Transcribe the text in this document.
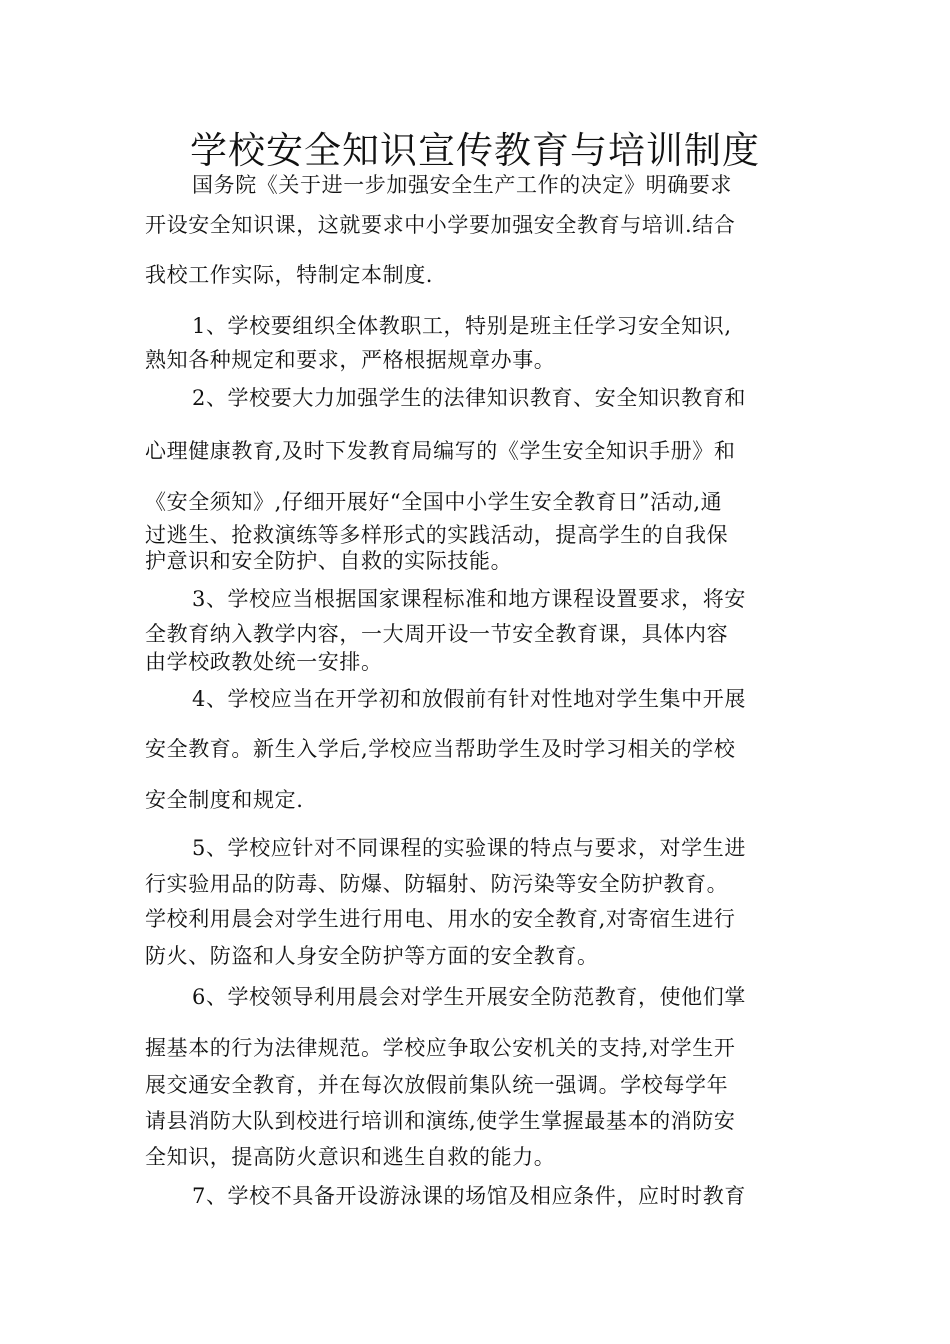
学校安全知识宣传教育与培训制度
国务院《关于进一步加强安全生产工作的决定》明确要求
开设安全知识课，这就要求中小学要加强安全教育与培训.结合
我校工作实际，特制定本制度.
1、学校要组织全体教职工，特别是班主任学习安全知识,
熟知各种规定和要求，严格根据规章办事。
2、学校要大力加强学生的法律知识教育、安全知识教育和
心理健康教育,及时下发教育局编写的《学生安全知识手册》和
《安全须知》,仔细开展好“全国中小学生安全教育日”活动,通
过逃生、抢救演练等多样形式的实践活动，提高学生的自我保
护意识和安全防护、自救的实际技能。
3、学校应当根据国家课程标准和地方课程设置要求，将安
全教育纳入教学内容，一大周开设一节安全教育课，具体内容
由学校政教处统一安排。
4、学校应当在开学初和放假前有针对性地对学生集中开展
安全教育。新生入学后,学校应当帮助学生及时学习相关的学校
安全制度和规定.
5、学校应针对不同课程的实验课的特点与要求，对学生进
行实验用品的防毒、防爆、防辐射、防污染等安全防护教育。
学校利用晨会对学生进行用电、用水的安全教育,对寄宿生进行
防火、防盗和人身安全防护等方面的安全教育。
6、学校领导利用晨会对学生开展安全防范教育，使他们掌
握基本的行为法律规范。学校应争取公安机关的支持,对学生开
展交通安全教育，并在每次放假前集队统一强调。学校每学年
请县消防大队到校进行培训和演练,使学生掌握最基本的消防安
全知识，提高防火意识和逃生自救的能力。
7、学校不具备开设游泳课的场馆及相应条件，应时时教育
